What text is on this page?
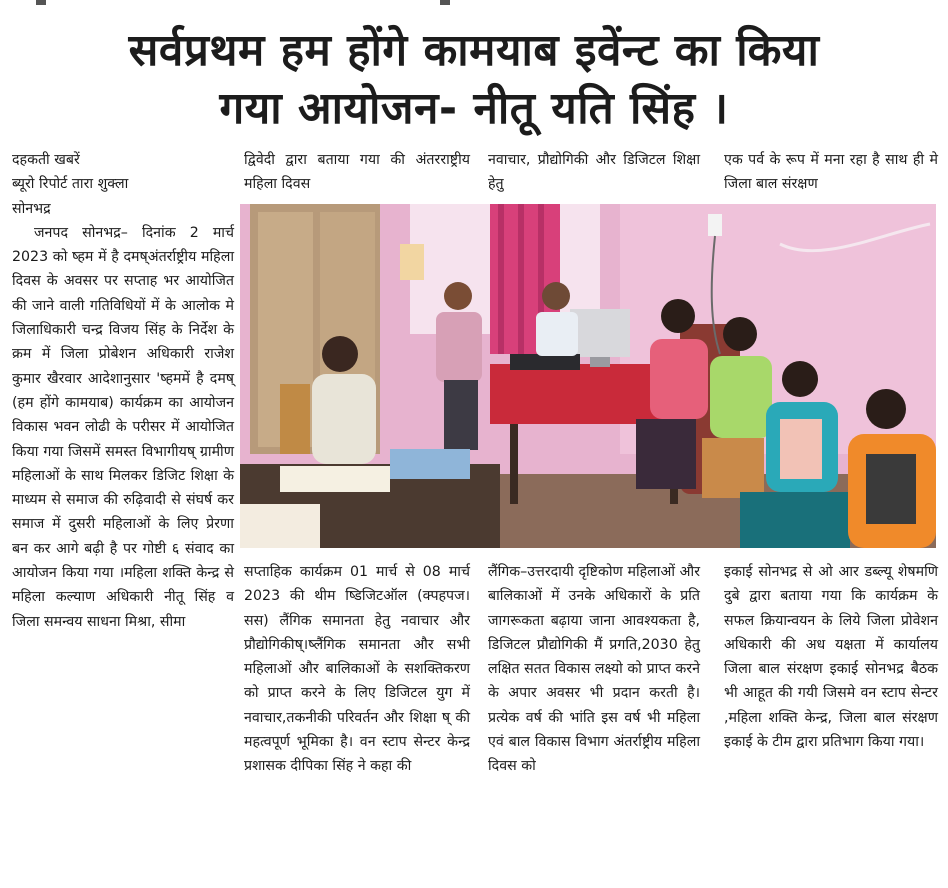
सर्वप्रथम हम होंगे कामयाब इवेंन्ट का किया
गया आयोजन- नीतू यति सिंह ।

दहकती खबरें

ब्यूरो रिपोर्ट तारा शुक्ला

सोनभद्र

जनपद सोनभद्र– दिनांक 2 मार्च 2023 को ष्हम में है दमष्अंतर्राष्ट्रीय महिला दिवस के अवसर पर सप्ताह भर आयोजित की जाने वाली गतिविधियों में के आलोक मे जिलाधिकारी चन्द्र विजय सिंह के निर्देश के क्रम में जिला प्रोबेशन अधिकारी राजेश कुमार खैरवार आदेशानुसार 'ष्हममें है दमष् (हम होंगे कामयाब) कार्यक्रम का आयोजन विकास भवन लोढी के परीसर में आयोजित किया गया जिसमें समस्त विभागीयष् ग्रामीण महिलाओं के साथ मिलकर डिजिट शिक्षा के माध्यम से समाज की रुढ़िवादी से संघर्ष कर समाज में दुसरी महिलाओं के लिए प्रेरणा बन कर आगे बढ़ी है पर गोष्टी ६ संवाद का आयोजन किया गया ।महिला शक्ति केन्द्र से महिला कल्याण अधिकारी नीतू सिंह व जिला समन्वय साधना मिश्रा, सीमा

द्विवेदी द्वारा बताया गया की अंतरराष्ट्रीय महिला दिवस
नवाचार, प्रौद्योगिकी और डिजिटल शिक्षा हेतु
एक पर्व के रूप में मना रहा है साथ ही मे जिला बाल संरक्षण
सप्ताहिक कार्यक्रम 01 मार्च से 08 मार्च 2023 की थीम ष्डिजिटऑल (क्पहपज।सस) लैंगिक समानता हेतु नवाचार और प्रौद्योगिकीष्।ष्लैंगिक समानता और सभी महिलाओं और बालिकाओं के सशक्तिकरण को प्राप्त करने के लिए डिजिटल युग में नवाचार,तकनीकी परिवर्तन और शिक्षा ष् की महत्वपूर्ण भूमिका है। वन स्टाप सेन्टर केन्द्र प्रशासक दीपिका सिंह ने कहा की
लैंगिक–उत्तरदायी दृष्टिकोण महिलाओं और बालिकाओं में उनके अधिकारों के प्रति जागरूकता बढ़ाया जाना आवश्यकता है, डिजिटल प्रौद्योगिकी मैं प्रगति,2030 हेतु लक्षित सतत विकास लक्ष्यो को प्राप्त करने के अपार अवसर भी प्रदान करती है। प्रत्येक वर्ष की भांति इस वर्ष भी महिला एवं बाल विकास विभाग अंतर्राष्ट्रीय महिला दिवस को
इकाई सोनभद्र से ओ आर डब्ल्यू शेषमणि दुबे द्वारा बताया गया कि कार्यक्रम के सफल क्रियान्वयन के लिये जिला प्रोवेशन अधिकारी की अध यक्षता में कार्यालय जिला बाल संरक्षण इकाई सोनभद्र बैठक भी आहूत की गयी जिसमे वन स्टाप सेन्टर ,महिला शक्ति केन्द्र, जिला बाल संरक्षण इकाई के टीम द्वारा प्रतिभाग किया गया।
